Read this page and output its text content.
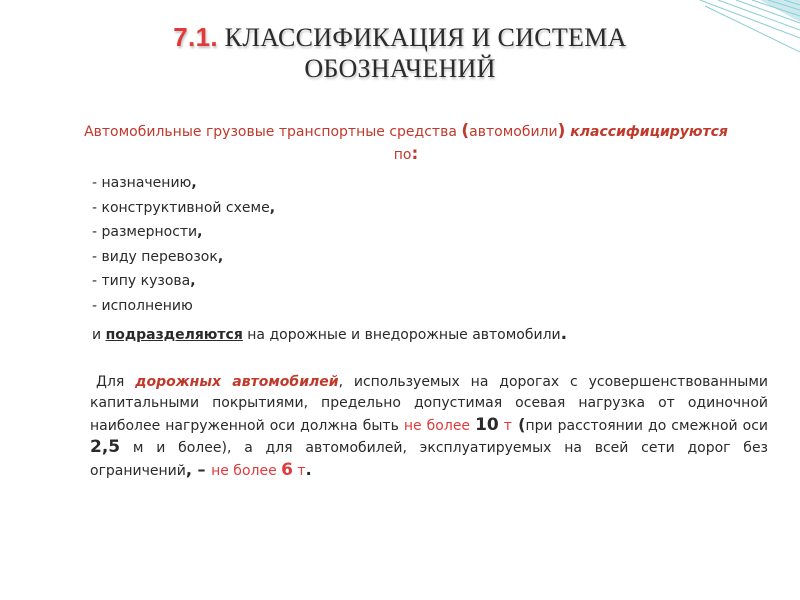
7.1. КЛАССИФИКАЦИЯ И СИСТЕМА
ОБОЗНАЧЕНИЙ
Автомобильные грузовые транспортные средства (автомобили) классифицируются
по:
- назначению,
- конструктивной схеме,
- размерности,
- виду перевозок,
- типу кузова,
- исполнению
и подразделяются на дорожные и внедорожные автомобили.

Для дорожных автомобилей, используемых на дорогах с усовершенствованными капитальными покрытиями, предельно допустимая осевая нагрузка от одиночной наиболее нагруженной оси должна быть не более 10 т (при расстоянии до смежной оси 2,5 м и более), а для автомобилей, эксплуатируемых на всей сети дорог без ограничений, – не более 6 т.
